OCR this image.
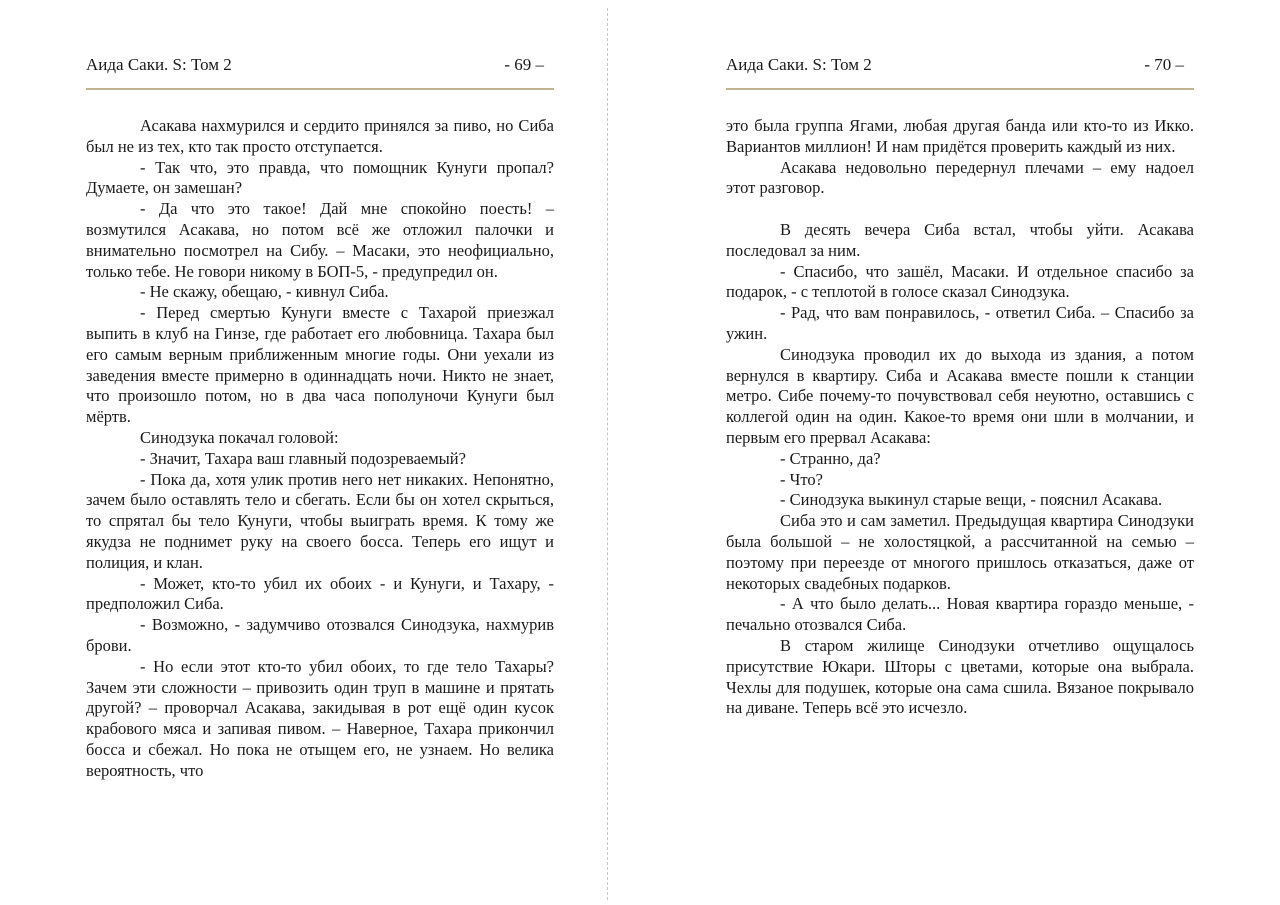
Аида Саки. S: Том 2	- 69 –

Асакава нахмурился и сердито принялся за пиво, но Сиба был не из тех, кто так просто отступается.

- Так что, это правда, что помощник Кунуги пропал? Думаете, он замешан?

- Да что это такое! Дай мне спокойно поесть! – возмутился Асакава, но потом всё же отложил палочки и внимательно посмотрел на Сибу. – Масаки, это неофициально, только тебе. Не говори никому в БОП-5, - предупредил он.

- Не скажу, обещаю, - кивнул Сиба.

- Перед смертью Кунуги вместе с Тахарой приезжал выпить в клуб на Гинзе, где работает его любовница. Тахара был его самым верным приближенным многие годы. Они уехали из заведения вместе примерно в одиннадцать ночи. Никто не знает, что произошло потом, но в два часа пополуночи Кунуги был мёртв.

Синодзука покачал головой:

- Значит, Тахара ваш главный подозреваемый?

- Пока да, хотя улик против него нет никаких. Непонятно, зачем было оставлять тело и сбегать. Если бы он хотел скрыться, то спрятал бы тело Кунуги, чтобы выиграть время. К тому же якудза не поднимет руку на своего босса. Теперь его ищут и полиция, и клан.

- Может, кто-то убил их обоих - и Кунуги, и Тахару, - предположил Сиба.

- Возможно, - задумчиво отозвался Синодзука, нахмурив брови.

- Но если этот кто-то убил обоих, то где тело Тахары? Зачем эти сложности – привозить один труп в машине и прятать другой? – проворчал Асакава, закидывая в рот ещё один кусок крабового мяса и запивая пивом. – Наверное, Тахара прикончил босса и сбежал. Но пока не отыщем его, не узнаем. Но велика вероятность, что

Аида Саки. S: Том 2	- 70 –

это была группа Ягами, любая другая банда или кто-то из Икко. Вариантов миллион! И нам придётся проверить каждый из них.

Асакава недовольно передернул плечами – ему надоел этот разговор.

В десять вечера Сиба встал, чтобы уйти. Асакава последовал за ним.

- Спасибо, что зашёл, Масаки. И отдельное спасибо за подарок, - с теплотой в голосе сказал Синодзука.

- Рад, что вам понравилось, - ответил Сиба. – Спасибо за ужин.

Синодзука проводил их до выхода из здания, а потом вернулся в квартиру. Сиба и Асакава вместе пошли к станции метро. Сибе почему-то почувствовал себя неуютно, оставшись с коллегой один на один. Какое-то время они шли в молчании, и первым его прервал Асакава:

- Странно, да?

- Что?

- Синодзука выкинул старые вещи, - пояснил Асакава.

Сиба это и сам заметил. Предыдущая квартира Синодзуки была большой – не холостяцкой, а рассчитанной на семью – поэтому при переезде от многого пришлось отказаться, даже от некоторых свадебных подарков.

- А что было делать... Новая квартира гораздо меньше, - печально отозвался Сиба.

В старом жилище Синодзуки отчетливо ощущалось присутствие Юкари. Шторы с цветами, которые она выбрала. Чехлы для подушек, которые она сама сшила. Вязаное покрывало на диване. Теперь всё это исчезло.
